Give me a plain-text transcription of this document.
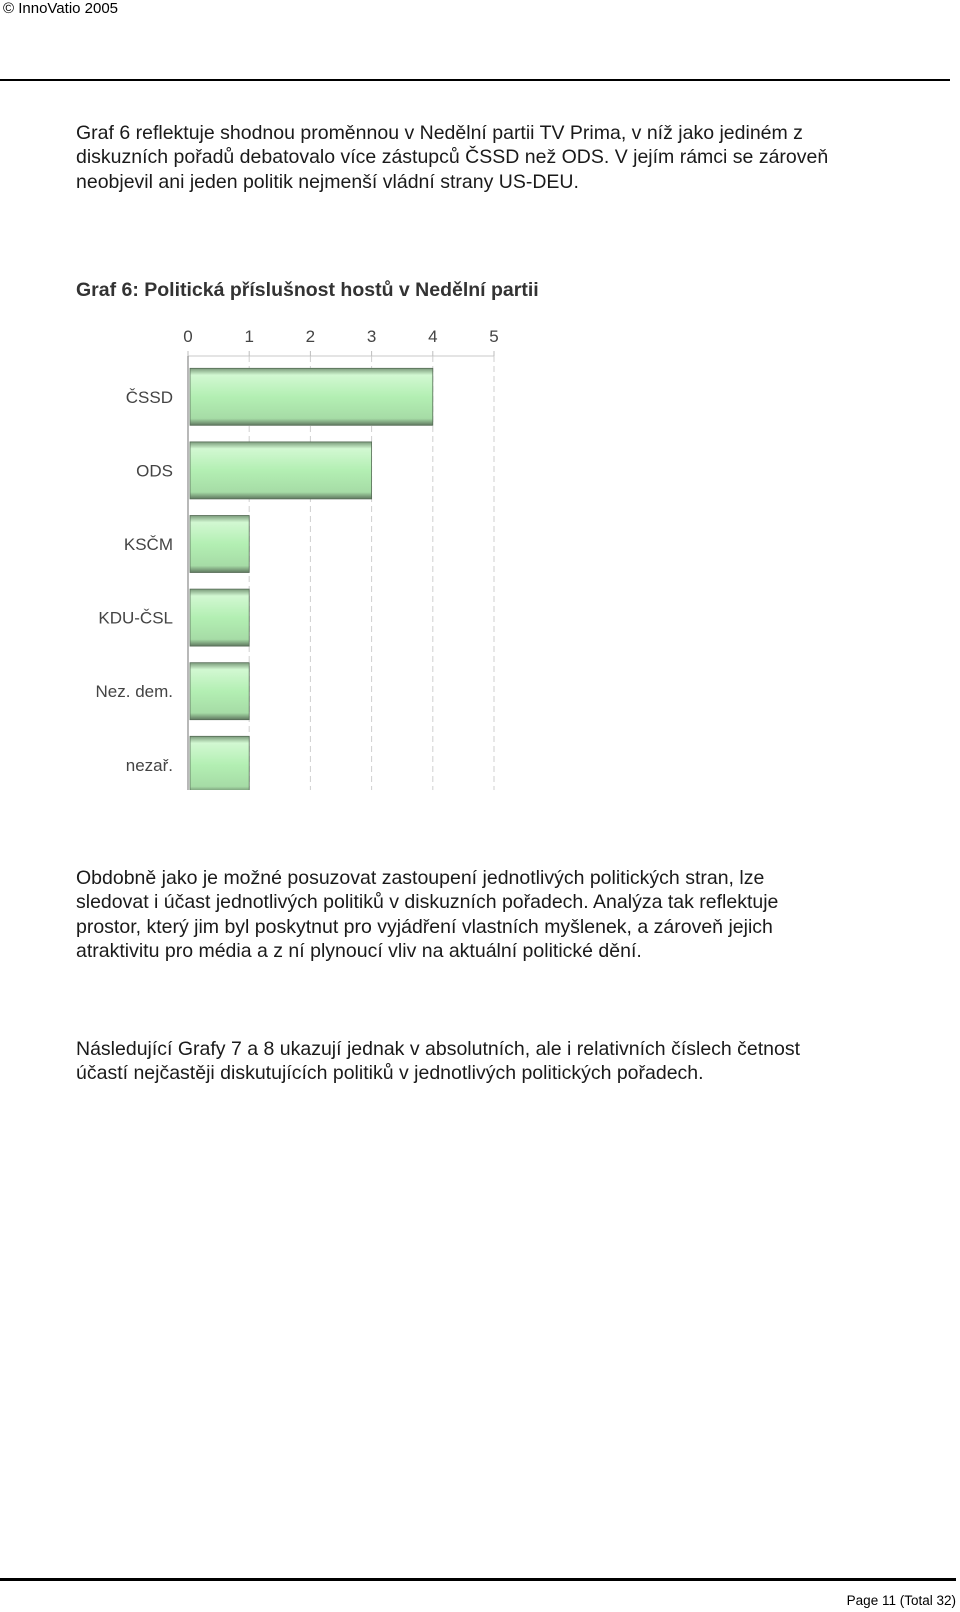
© InnoVatio 2005
Graf 6 reflektuje shodnou proměnnou v Nedělní partii TV Prima, v níž jako jediném z diskuzních pořadů debatovalo více zástupců ČSSD než ODS. V jejím rámci se zároveň neobjevil ani jeden politik nejmenší vládní strany US-DEU.
Graf 6: Politická příslušnost hostů v Nedělní partii
0	1	2	3	4	5
ČSSD
ODS
KSČM
KDU-ČSL
Nez. dem.
nezař.
Obdobně jako je možné posuzovat zastoupení jednotlivých politických stran, lze sledovat i účast jednotlivých politiků v diskuzních pořadech. Analýza tak reflektuje prostor, který jim byl poskytnut pro vyjádření vlastních myšlenek, a zároveň jejich atraktivitu pro média a z ní plynoucí vliv na aktuální politické dění.
Následující Grafy 7 a 8 ukazují jednak v absolutních, ale i relativních číslech četnost účastí nejčastěji diskutujících politiků v jednotlivých politických pořadech.
Page 11 (Total 32)
